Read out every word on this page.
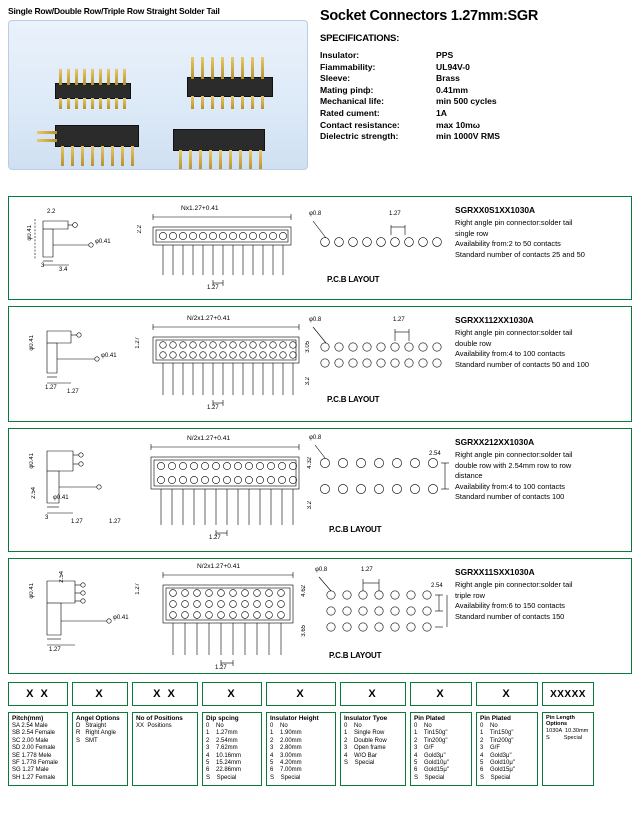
Single Row/Double Row/Triple Row Straight Solder Tail	Socket Connectors 1.27mm:SGR
SPECIFICATIONS:
Insulator:	PPS
Fiammability:	UL94V-0
Sleeve:	Brass
Mating pinф:	0.41mm
Mechanical life:	min 500 cycles
Rated cument:	1A
Contact resistance:	max 10mω
Dielectric strength:	min 1000V RMS
φ0.41
2.2
2.2
φ0.41
3
3.4
Nx1.27+0.41
1.27
φ0.8	1.27
P.C.B LAYOUT
SGRXX0S1XX1030A
Right angle pin connector:solder tail
single row
Availability from:2 to 50 contacts
Standard number of contacts 25 and 50
φ0.41	1.27	3.05
3.2
φ0.41
1.27
1.27
N/2x1.27+0.41
1.27
φ0.8	1.27
P.C.B LAYOUT
SGRXX112XX1030A
Right angle pin connector:solder tail
double row
Availability from:4 to 100 contacts
Standard number of contacts 50 and 100
φ0.41
2.54
4.32
3.2
φ0.41
3
1.27	1.27
N/2x1.27+0.41
1.27
φ0.8
2.54
P.C.B LAYOUT
SGRXX212XX1030A
Right angle pin connector:solder tail
double row with 2.54mm row to row
distance
Availability from:4 to 100 contacts
Standard number of contacts 100
φ0.41
2.54
1.27	4.62
3.65
φ0.41
1.27
N/2x1.27+0.41
1.27
φ0.8	1.27
2.54
P.C.B LAYOUT
SGRXX11SXX1030A
Right angle pin connector:solder tail
triple row
Availability from:6 to 150 contacts
Standard number of contacts 150
X X	X	X X	X	X	X	X	X	XXXXX
Pitch(mm)
SA 2.54 Male
SB 2.54 Female
SC 2.00 Male
SD 2.00 Female
SE 1.778 Mele
SF 1.778 Female
SG 1.27 Male
SH 1.27 Female
Angel Options
D   Straight
R   Right Angle
S   SMT
No of Positions
XX  Positions
Dip spcing
0    No
1    1.27mm
2    2.54mm
3    7.62mm
4    10.16mm
5    15.24mm
6    22.86mm
S    Special
Insulator Height
0    No
1    1.90mm
2    2.00mm
3    2.80mm
4    3.00mm
5    4.20mm
6    7.00mm
S    Special
Insulator Tyoe
0    No
1    Single Row
2    Double Row
3    Open frame
4    W/O Bar
S    Special
Pin Plated
0    No
1    Tin150g"
2    Tin200g"
3    G/F
4    Gold3μ"
5    Gold10μ"
6    Gold15μ"
S    Special
Pin Plated
0    No
1    Tin150g"
2    Tin200g"
3    G/F
4    Gold3μ"
5    Gold10μ"
6    Gold15μ"
S    Special
Pin Length Options
1030A  10.30mm
S         Special
